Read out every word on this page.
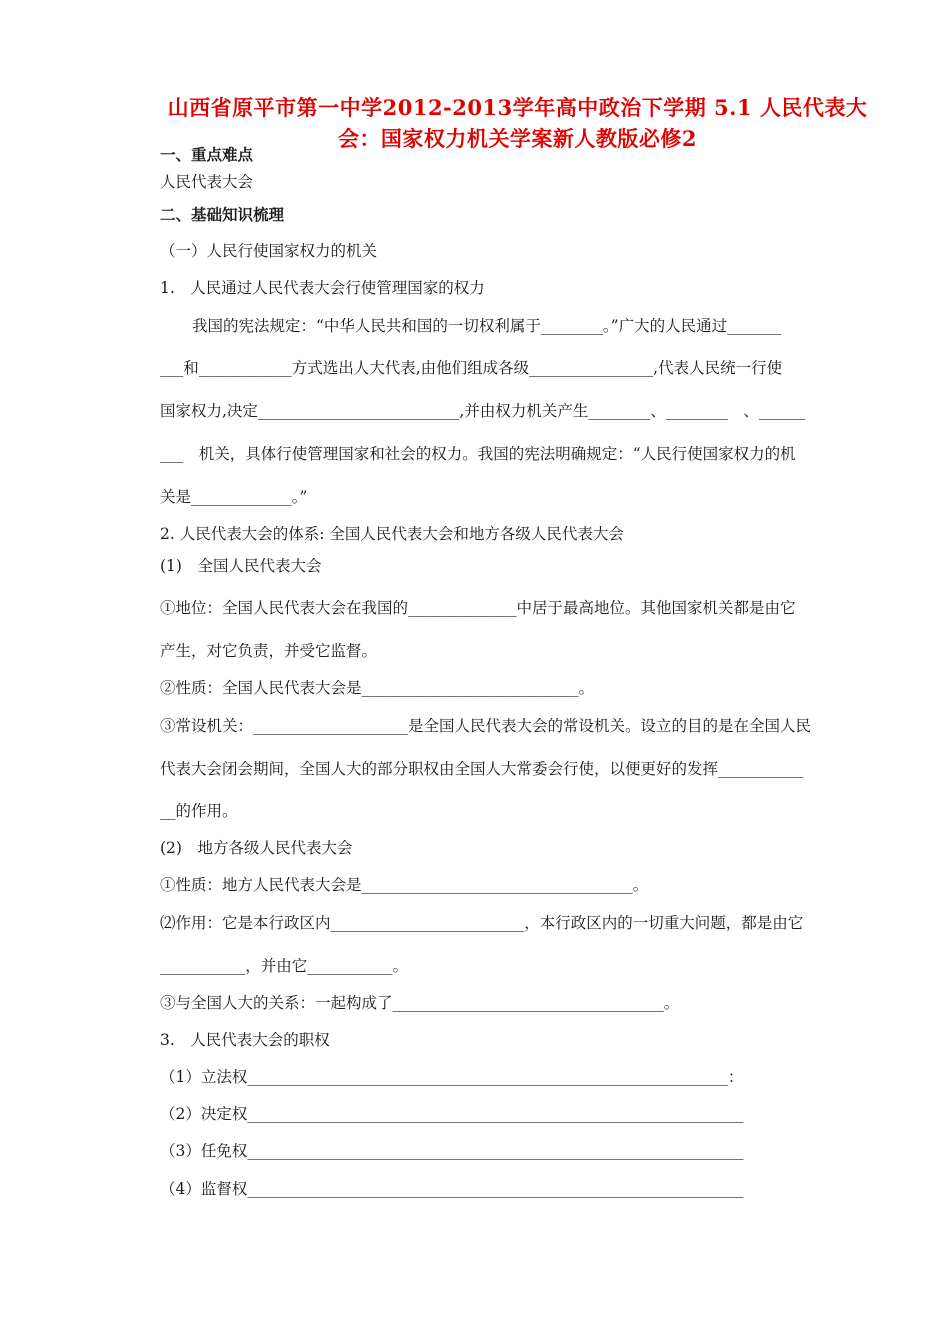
山西省原平市第一中学2012-2013学年高中政治下学期 5.1 人民代表大会：国家权力机关学案新人教版必修2
一、重点难点
人民代表大会
二、基础知识梳理
（一）人民行使国家权力的机关
1.　人民通过人民代表大会行使管理国家的权力
我国的宪法规定：“中华人民共和国的一切权利属于________。”广大的人民通过_______
___和____________方式选出人大代表,由他们组成各级________________,代表人民统一行使
国家权力,决定__________________________,并由权力机关产生________、________　、______
___　机关，具体行使管理国家和社会的权力。我国的宪法明确规定：“人民行使国家权力的机
关是_____________。”
2. 人民代表大会的体系: 全国人民代表大会和地方各级人民代表大会
(1)　全国人民代表大会
①地位：全国人民代表大会在我国的______________中居于最高地位。其他国家机关都是由它
产生，对它负责，并受它监督。
②性质：全国人民代表大会是____________________________。
③常设机关：____________________是全国人民代表大会的常设机关。设立的目的是在全国人民
代表大会闭会期间，全国人大的部分职权由全国人大常委会行使，以便更好的发挥___________
__的作用。
(2)　地方各级人民代表大会
①性质：地方人民代表大会是___________________________________。
⑵作用：它是本行政区内_________________________，本行政区内的一切重大问题，都是由它
___________，并由它___________。
③与全国人大的关系：一起构成了___________________________________。
3.　人民代表大会的职权
（1）立法权______________________________________________________________：
（2）决定权________________________________________________________________
（3）任免权________________________________________________________________
（4）监督权________________________________________________________________
